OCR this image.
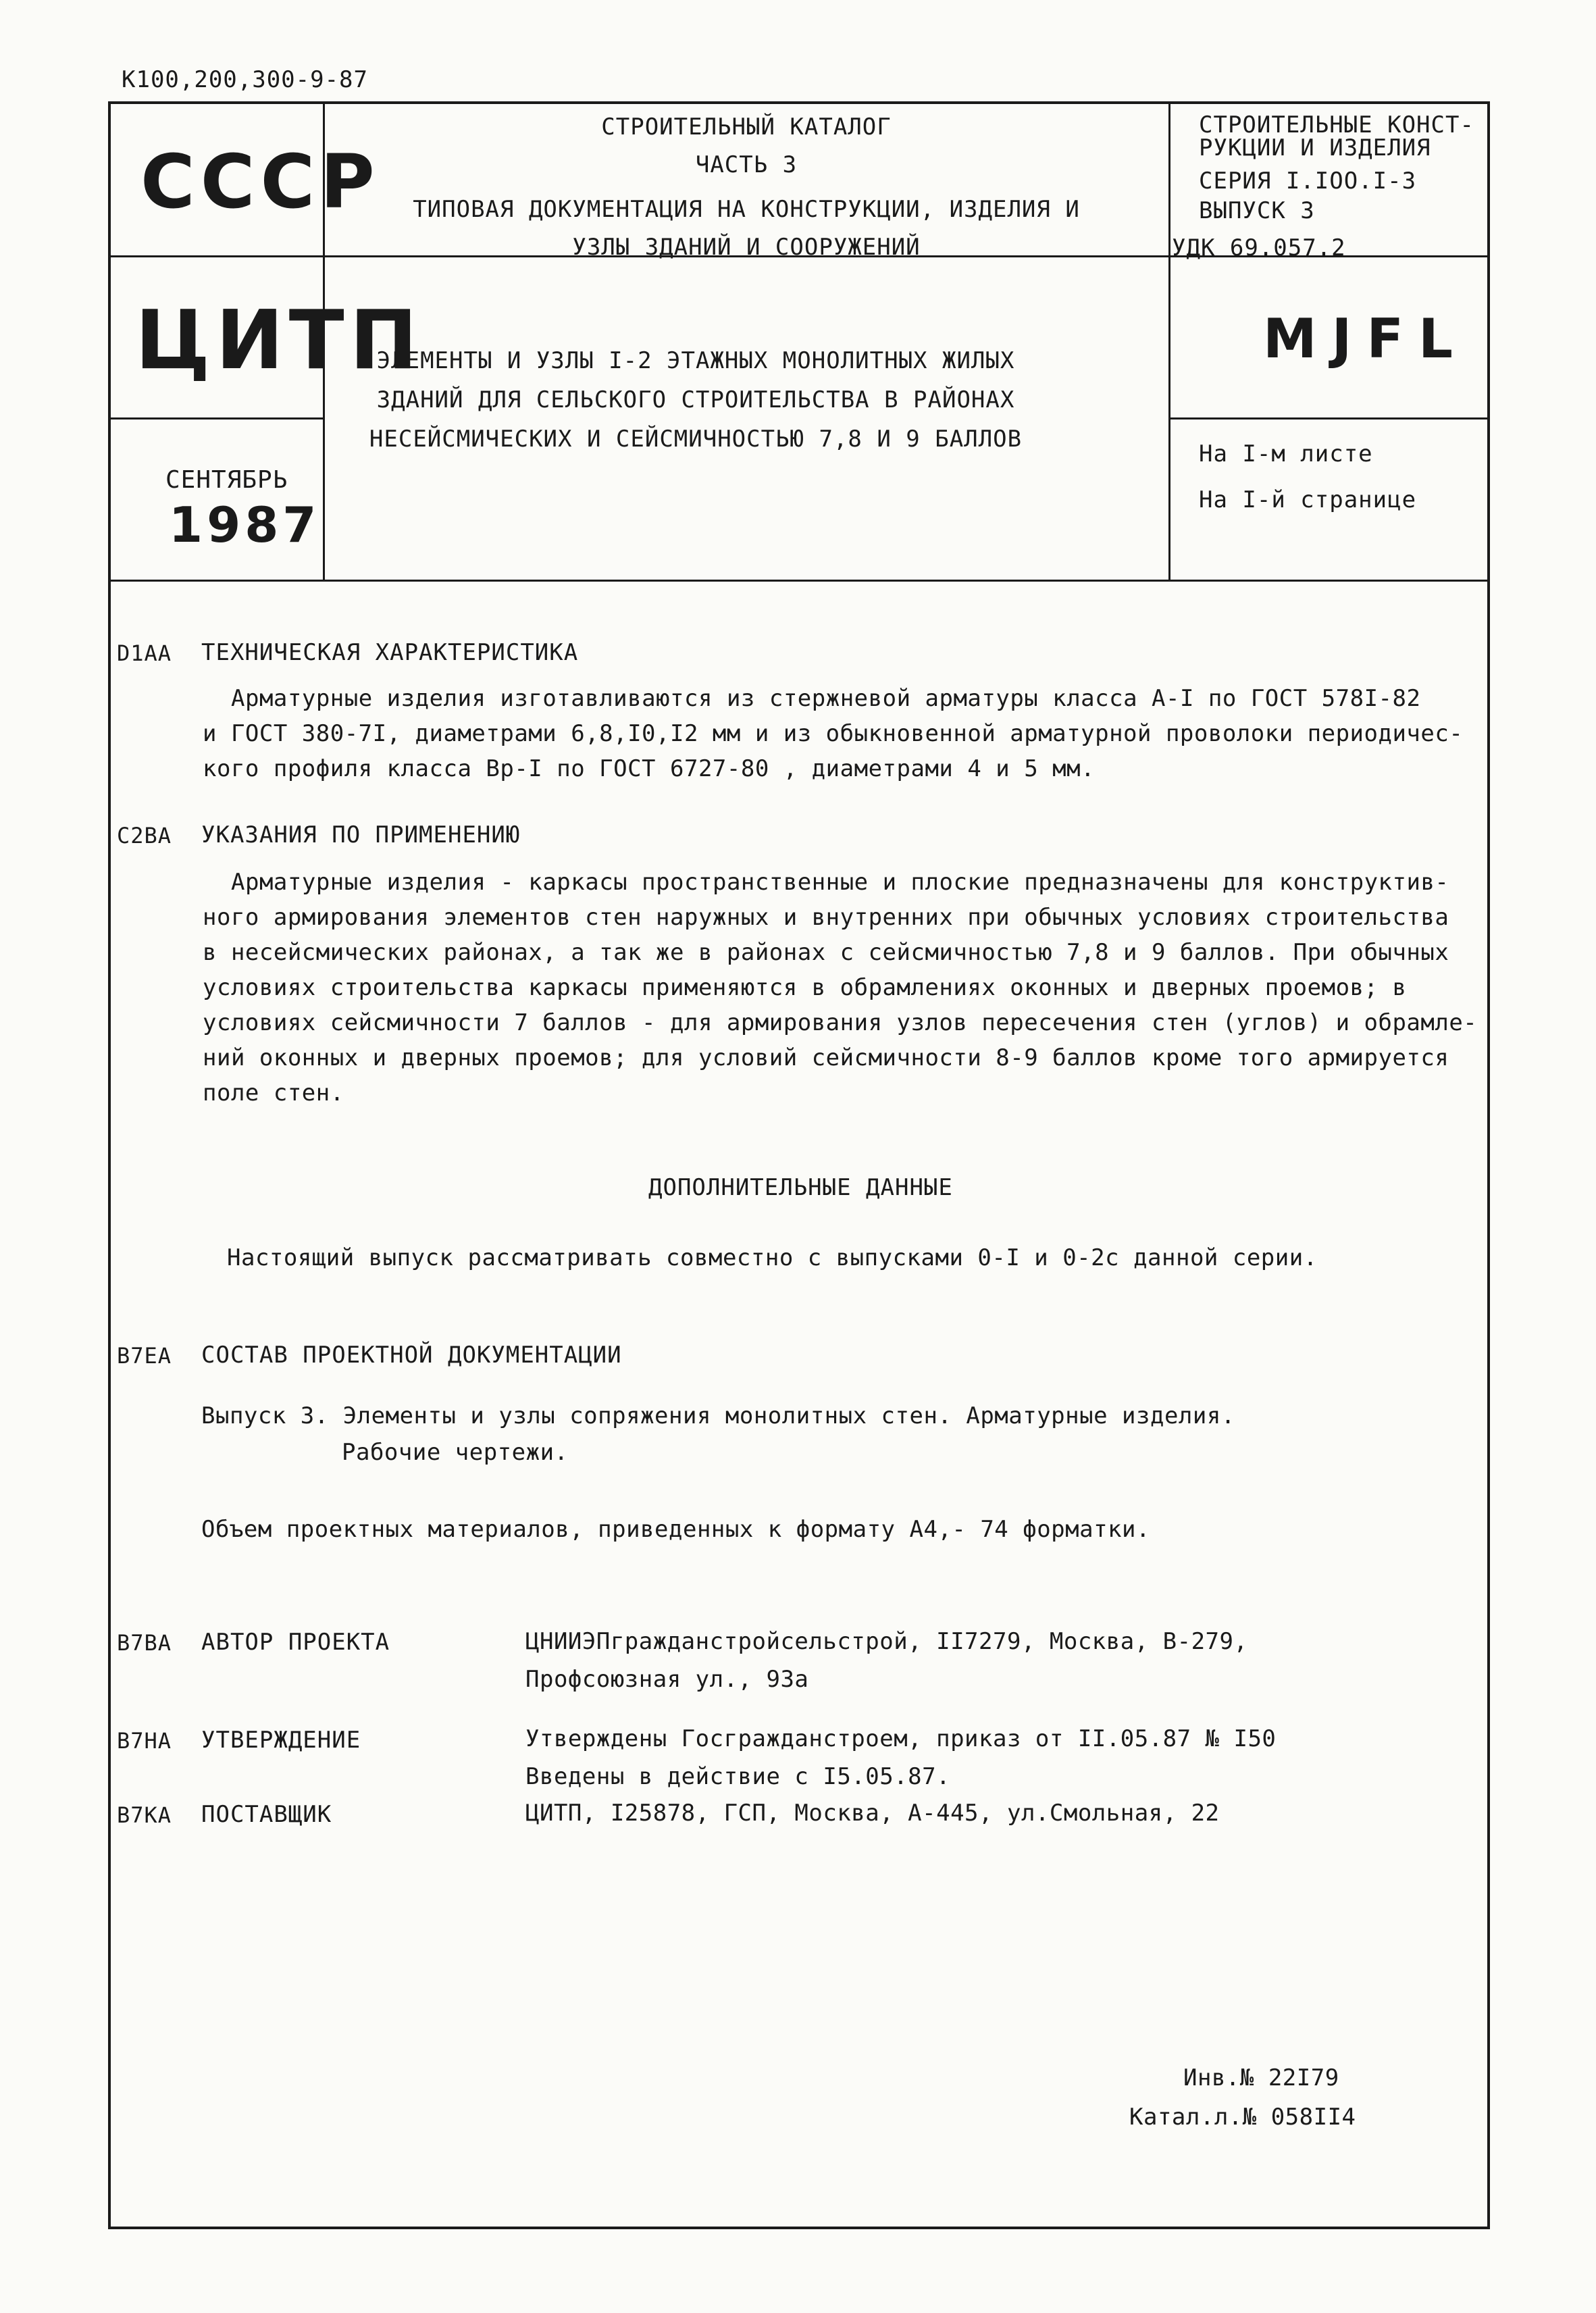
К100,200,300-9-87
СССР
ЦИТП
СЕНТЯБРЬ
1987
СТРОИТЕЛЬНЫЙ КАТАЛОГ
ЧАСТЬ 3
ТИПОВАЯ ДОКУМЕНТАЦИЯ НА КОНСТРУКЦИИ, ИЗДЕЛИЯ И
УЗЛЫ ЗДАНИЙ И СООРУЖЕНИЙ
ЭЛЕМЕНТЫ И УЗЛЫ I-2 ЭТАЖНЫХ МОНОЛИТНЫХ ЖИЛЫХ
ЗДАНИЙ ДЛЯ СЕЛЬСКОГО СТРОИТЕЛЬСТВА В РАЙОНАХ
НЕСЕЙСМИЧЕСКИХ И СЕЙСМИЧНОСТЬЮ 7,8 И 9 БАЛЛОВ
СТРОИТЕЛЬНЫЕ КОНСТ-
РУКЦИИ И ИЗДЕЛИЯ
СЕРИЯ I.IOO.I-3
ВЫПУСК 3
УДК 69.057.2
MJFL
На I-м листе
На I-й странице
D1AA ТЕХНИЧЕСКАЯ ХАРАКТЕРИСТИКА
Арматурные изделия изготавливаются из стержневой арматуры класса A-I по ГОСТ 578I-82
и ГОСТ 380-7I, диаметрами 6,8,I0,I2 мм и из обыкновенной арматурной проволоки периодичес-
кого профиля класса Bp-I по ГОСТ 6727-80 , диаметрами 4 и 5 мм.
C2BA УКАЗАНИЯ ПО ПРИМЕНЕНИЮ
Арматурные изделия - каркасы пространственные и плоские предназначены для конструктив-
ного армирования элементов стен наружных и внутренних при обычных условиях строительства
в несейсмических районах, а так же в районах с сейсмичностью 7,8 и 9 баллов. При обычных
условиях строительства каркасы применяются в обрамлениях оконных и дверных проемов; в
условиях сейсмичности 7 баллов - для армирования узлов пересечения стен (углов) и обрамле-
ний оконных и дверных проемов; для условий сейсмичности 8-9 баллов кроме того армируется
поле стен.
ДОПОЛНИТЕЛЬНЫЕ ДАННЫЕ
Настоящий выпуск рассматривать совместно с выпусками 0-I и 0-2с данной серии.
B7EA СОСТАВ ПРОЕКТНОЙ ДОКУМЕНТАЦИИ
Выпуск 3. Элементы и узлы сопряжения монолитных стен. Арматурные изделия.
Рабочие чертежи.
Объем проектных материалов, приведенных к формату А4,- 74 форматки.
B7BA АВТОР ПРОЕКТА	ЦНИИЭПгражданстройсельстрой, II7279, Москва, В-279,
Профсоюзная ул., 93а
B7HA УТВЕРЖДЕНИЕ	Утверждены Госгражданстроем, приказ от II.05.87 № I50
Введены в действие с I5.05.87.
B7KA ПОСТАВЩИК	ЦИТП, I25878, ГСП, Москва, А-445, ул.Смольная, 22
Инв.№ 22I79
Катал.л.№ 058II4
